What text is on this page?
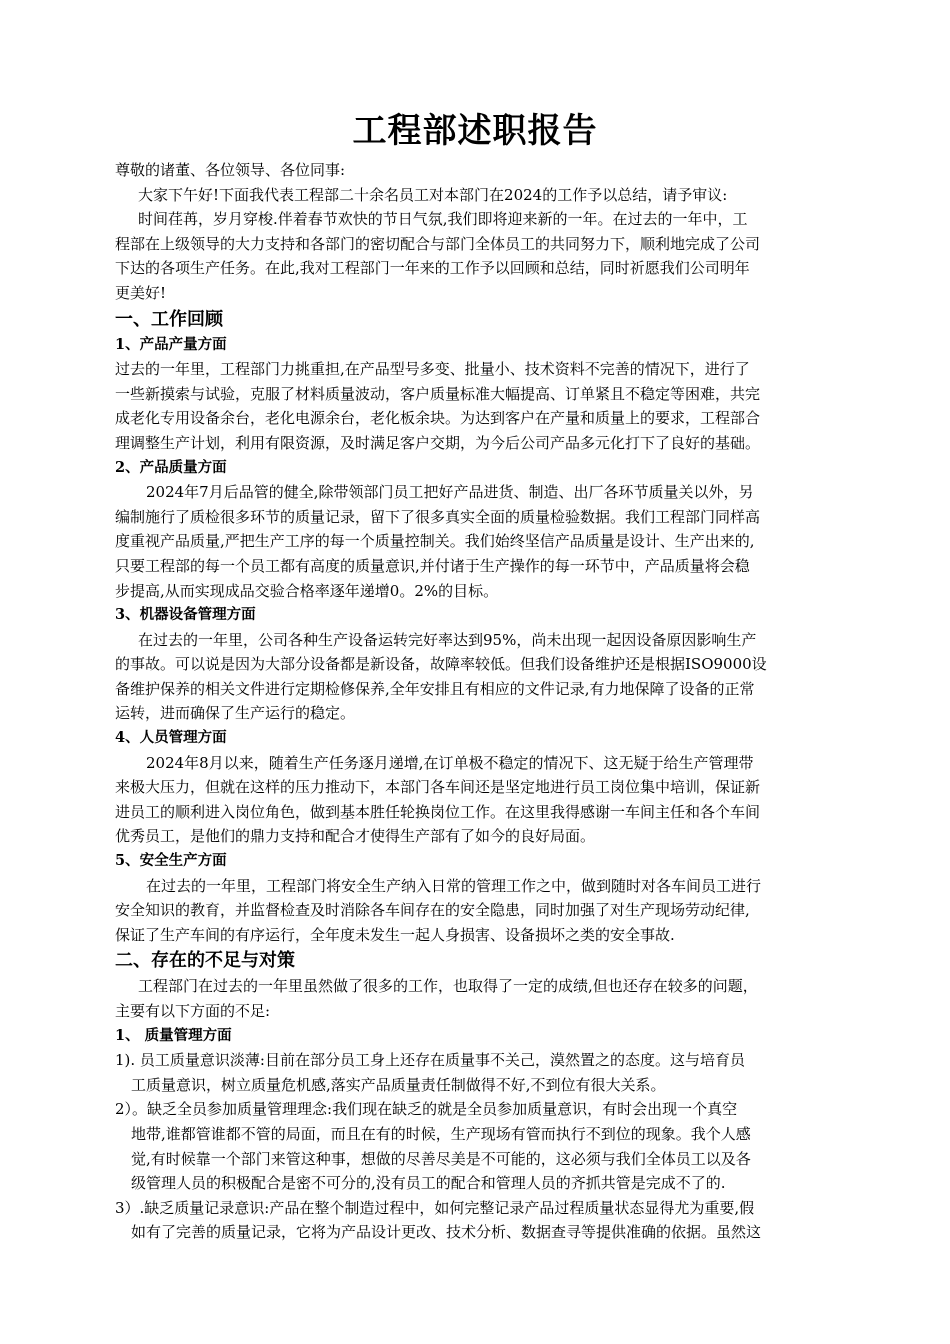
工程部述职报告
尊敬的诸董、各位领导、各位同事:
大家下午好!下面我代表工程部二十余名员工对本部门在2024的工作予以总结，请予审议:
时间荏苒，岁月穿梭.伴着春节欢快的节日气氛,我们即将迎来新的一年。在过去的一年中，工
程部在上级领导的大力支持和各部门的密切配合与部门全体员工的共同努力下，顺利地完成了公司
下达的各项生产任务。在此,我对工程部门一年来的工作予以回顾和总结，同时祈愿我们公司明年
更美好!
一、工作回顾
1、产品产量方面
过去的一年里，工程部门力挑重担,在产品型号多变、批量小、技术资料不完善的情况下，进行了
一些新摸索与试验，克服了材料质量波动，客户质量标准大幅提高、订单紧且不稳定等困难，共完
成老化专用设备余台，老化电源余台，老化板余块。为达到客户在产量和质量上的要求，工程部合
理调整生产计划，利用有限资源，及时满足客户交期，为今后公司产品多元化打下了良好的基础。
2、产品质量方面
2024年7月后品管的健全,除带领部门员工把好产品进货、制造、出厂各环节质量关以外，另
编制施行了质检很多环节的质量记录，留下了很多真实全面的质量检验数据。我们工程部门同样高
度重视产品质量,严把生产工序的每一个质量控制关。我们始终坚信产品质量是设计、生产出来的,
只要工程部的每一个员工都有高度的质量意识,并付诸于生产操作的每一环节中，产品质量将会稳
步提高,从而实现成品交验合格率逐年递增0。2%的目标。
3、机器设备管理方面
在过去的一年里，公司各种生产设备运转完好率达到95%，尚未出现一起因设备原因影响生产
的事故。可以说是因为大部分设备都是新设备，故障率较低。但我们设备维护还是根据ISO9000设
备维护保养的相关文件进行定期检修保养,全年安排且有相应的文件记录,有力地保障了设备的正常
运转，进而确保了生产运行的稳定。
4、人员管理方面
2024年8月以来，随着生产任务逐月递增,在订单极不稳定的情况下、这无疑于给生产管理带
来极大压力，但就在这样的压力推动下，本部门各车间还是坚定地进行员工岗位集中培训，保证新
进员工的顺利进入岗位角色，做到基本胜任轮换岗位工作。在这里我得感谢一车间主任和各个车间
优秀员工，是他们的鼎力支持和配合才使得生产部有了如今的良好局面。
5、安全生产方面
在过去的一年里，工程部门将安全生产纳入日常的管理工作之中，做到随时对各车间员工进行
安全知识的教育，并监督检查及时消除各车间存在的安全隐患，同时加强了对生产现场劳动纪律,
保证了生产车间的有序运行，全年度未发生一起人身损害、设备损坏之类的安全事故.
二、存在的不足与对策
工程部门在过去的一年里虽然做了很多的工作，也取得了一定的成绩,但也还存在较多的问题，
主要有以下方面的不足:
1、 质量管理方面
1). 员工质量意识淡薄:目前在部分员工身上还存在质量事不关己，漠然置之的态度。这与培育员
工质量意识，树立质量危机感,落实产品质量责任制做得不好,不到位有很大关系。
2）。缺乏全员参加质量管理理念:我们现在缺乏的就是全员参加质量意识，有时会出现一个真空
地带,谁都管谁都不管的局面，而且在有的时候，生产现场有管而执行不到位的现象。我个人感
觉,有时候靠一个部门来管这种事，想做的尽善尽美是不可能的，这必须与我们全体员工以及各
级管理人员的积极配合是密不可分的,没有员工的配合和管理人员的齐抓共管是完成不了的.
3）.缺乏质量记录意识:产品在整个制造过程中，如何完整记录产品过程质量状态显得尤为重要,假
如有了完善的质量记录，它将为产品设计更改、技术分析、数据查寻等提供准确的依据。虽然这
